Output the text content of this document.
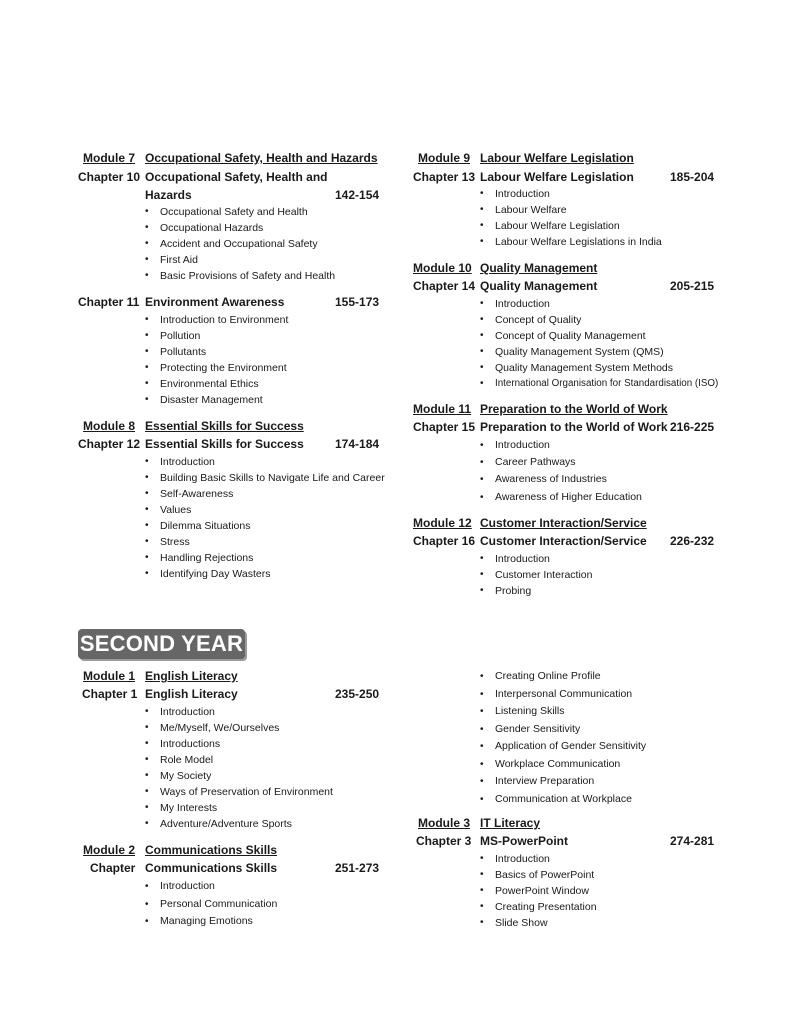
Module 7 Occupational Safety, Health and Hazards
Chapter 10 Occupational Safety, Health and
Hazards	142-154
• Occupational Safety and Health
• Occupational Hazards
• Accident and Occupational Safety
• First Aid
• Basic Provisions of Safety and Health
Chapter 11 Environment Awareness	155-173
• Introduction to Environment
• Pollution
• Pollutants
• Protecting the Environment
• Environmental Ethics
• Disaster Management
Module 8 Essential Skills for Success
Chapter 12 Essential Skills for Success	174-184
• Introduction
• Building Basic Skills to Navigate Life and Career
• Self-Awareness
• Values
• Dilemma Situations
• Stress
• Handling Rejections
• Identifying Day Wasters
Module 9 Labour Welfare Legislation
Chapter 13 Labour Welfare Legislation	185-204
• Introduction
• Labour Welfare
• Labour Welfare Legislation
• Labour Welfare Legislations in India
Module 10 Quality Management
Chapter 14 Quality Management	205-215
• Introduction
• Concept of Quality
• Concept of Quality Management
• Quality Management System (QMS)
• Quality Management System Methods
• International Organisation for Standardisation (ISO)
Module 11 Preparation to the World of Work
Chapter 15 Preparation to the World of Work 216-225
• Introduction
• Career Pathways
• Awareness of Industries
• Awareness of Higher Education
Module 12 Customer Interaction/Service
Chapter 16 Customer Interaction/Service 226-232
• Introduction
• Customer Interaction
• Probing
SECOND YEAR
Module 1 English Literacy
Chapter 1 English Literacy	235-250
• Introduction
• Me/Myself, We/Ourselves
• Introductions
• Role Model
• My Society
• Ways of Preservation of Environment
• My Interests
• Adventure/Adventure Sports
Module 2 Communications Skills
Chapter Communications Skills	251-273
• Introduction
• Personal Communication
• Managing Emotions
• Creating Online Profile
• Interpersonal Communication
• Listening Skills
• Gender Sensitivity
• Application of Gender Sensitivity
• Workplace Communication
• Interview Preparation
• Communication at Workplace
Module 3 IT Literacy
Chapter 3 MS-PowerPoint	274-281
• Introduction
• Basics of PowerPoint
• PowerPoint Window
• Creating Presentation
• Slide Show
